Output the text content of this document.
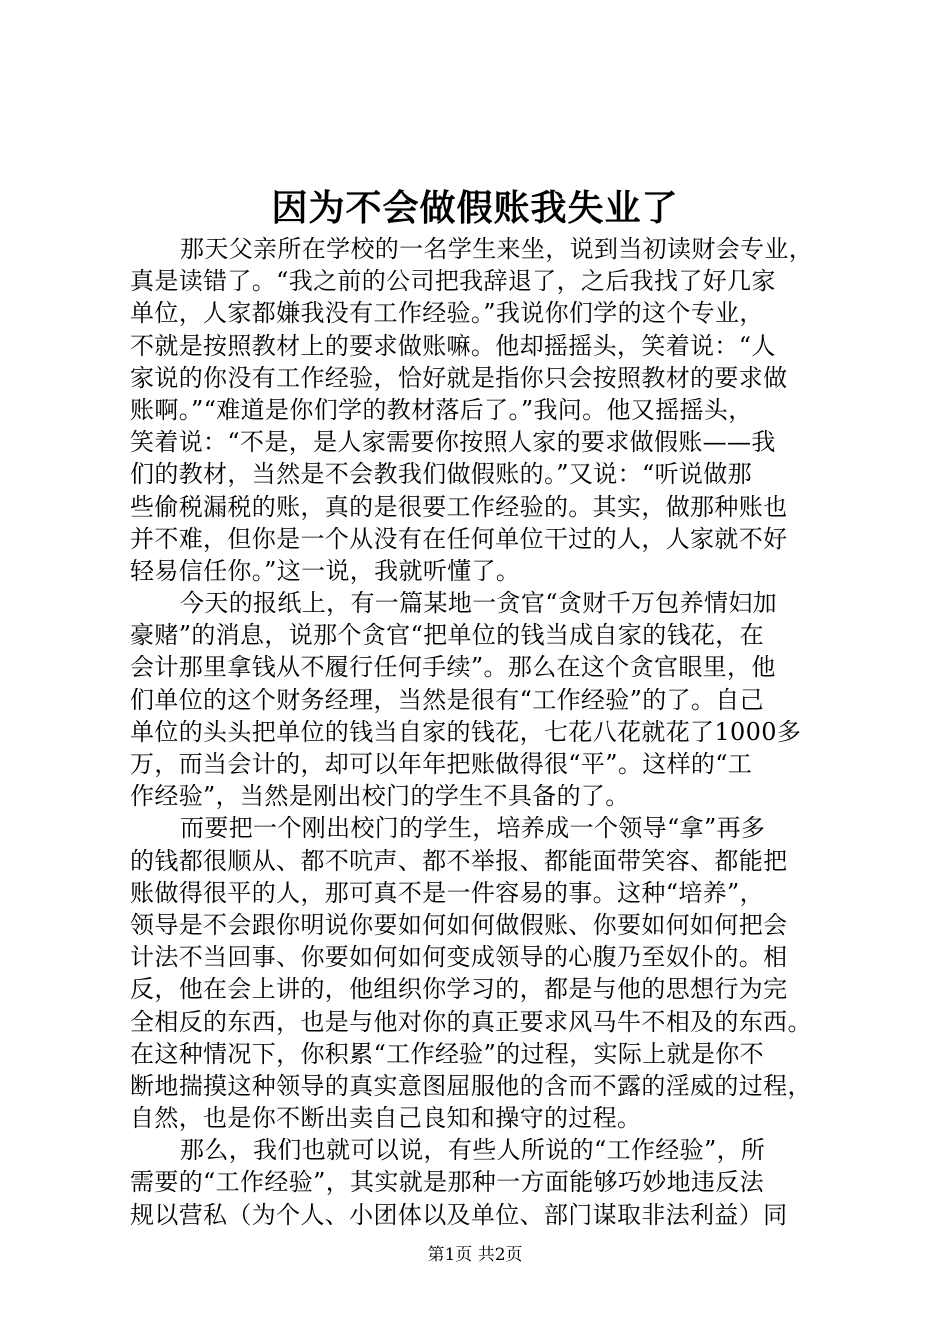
因为不会做假账我失业了
那天父亲所在学校的一名学生来坐，说到当初读财会专业，
真是读错了。“我之前的公司把我辞退了，之后我找了好几家
单位，人家都嫌我没有工作经验。”我说你们学的这个专业，
不就是按照教材上的要求做账嘛。他却摇摇头，笑着说：“人
家说的你没有工作经验，恰好就是指你只会按照教材的要求做
账啊。”“难道是你们学的教材落后了。”我问。他又摇摇头，
笑着说：“不是，是人家需要你按照人家的要求做假账——我
们的教材，当然是不会教我们做假账的。”又说：“听说做那
些偷税漏税的账，真的是很要工作经验的。其实，做那种账也
并不难，但你是一个从没有在任何单位干过的人，人家就不好
轻易信任你。”这一说，我就听懂了。
今天的报纸上，有一篇某地一贪官“贪财千万包养情妇加
豪赌”的消息，说那个贪官“把单位的钱当成自家的钱花，在
会计那里拿钱从不履行任何手续”。那么在这个贪官眼里，他
们单位的这个财务经理，当然是很有“工作经验”的了。自己
单位的头头把单位的钱当自家的钱花，七花八花就花了1000多
万，而当会计的，却可以年年把账做得很“平”。这样的“工
作经验”，当然是刚出校门的学生不具备的了。
而要把一个刚出校门的学生，培养成一个领导“拿”再多
的钱都很顺从、都不吭声、都不举报、都能面带笑容、都能把
账做得很平的人，那可真不是一件容易的事。这种“培养”，
领导是不会跟你明说你要如何如何做假账、你要如何如何把会
计法不当回事、你要如何如何变成领导的心腹乃至奴仆的。相
反，他在会上讲的，他组织你学习的，都是与他的思想行为完
全相反的东西，也是与他对你的真正要求风马牛不相及的东西。
在这种情况下，你积累“工作经验”的过程，实际上就是你不
断地揣摸这种领导的真实意图屈服他的含而不露的淫威的过程，
自然，也是你不断出卖自己良知和操守的过程。
那么，我们也就可以说，有些人所说的“工作经验”，所
需要的“工作经验”，其实就是那种一方面能够巧妙地违反法
规以营私（为个人、小团体以及单位、部门谋取非法利益）同
第1页 共2页
